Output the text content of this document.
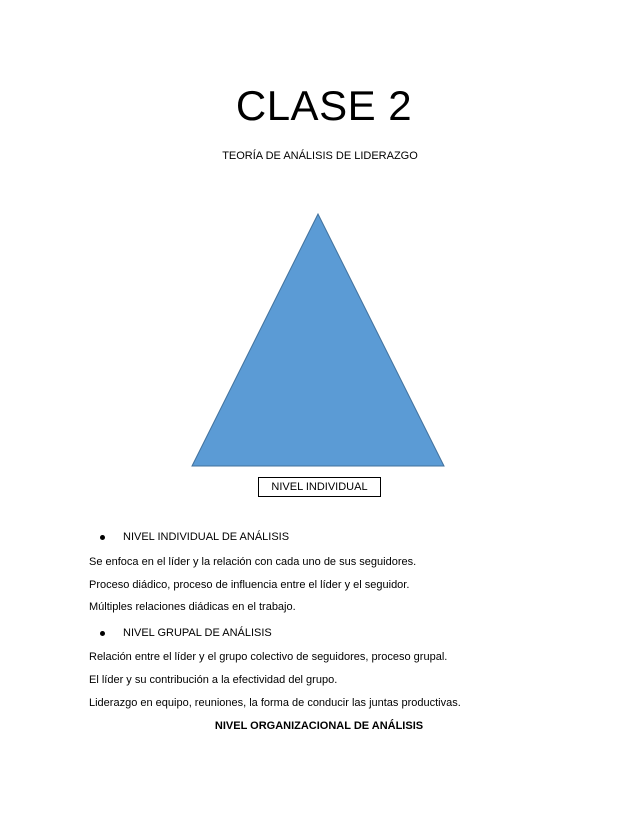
CLASE 2
TEORÍA DE ANÁLISIS DE LIDERAZGO
NIVEL INDIVIDUAL
NIVEL INDIVIDUAL DE ANÁLISIS
Se enfoca en el líder y la relación con cada uno de sus seguidores.
Proceso diádico, proceso de influencia entre el líder y el seguidor.
Múltiples relaciones diádicas en el trabajo.
NIVEL GRUPAL DE ANÁLISIS
Relación entre el líder y el grupo colectivo de seguidores, proceso grupal.
El líder y su contribución a la efectividad del grupo.
Liderazgo en equipo, reuniones, la forma de conducir las juntas productivas.
NIVEL ORGANIZACIONAL DE ANÁLISIS
